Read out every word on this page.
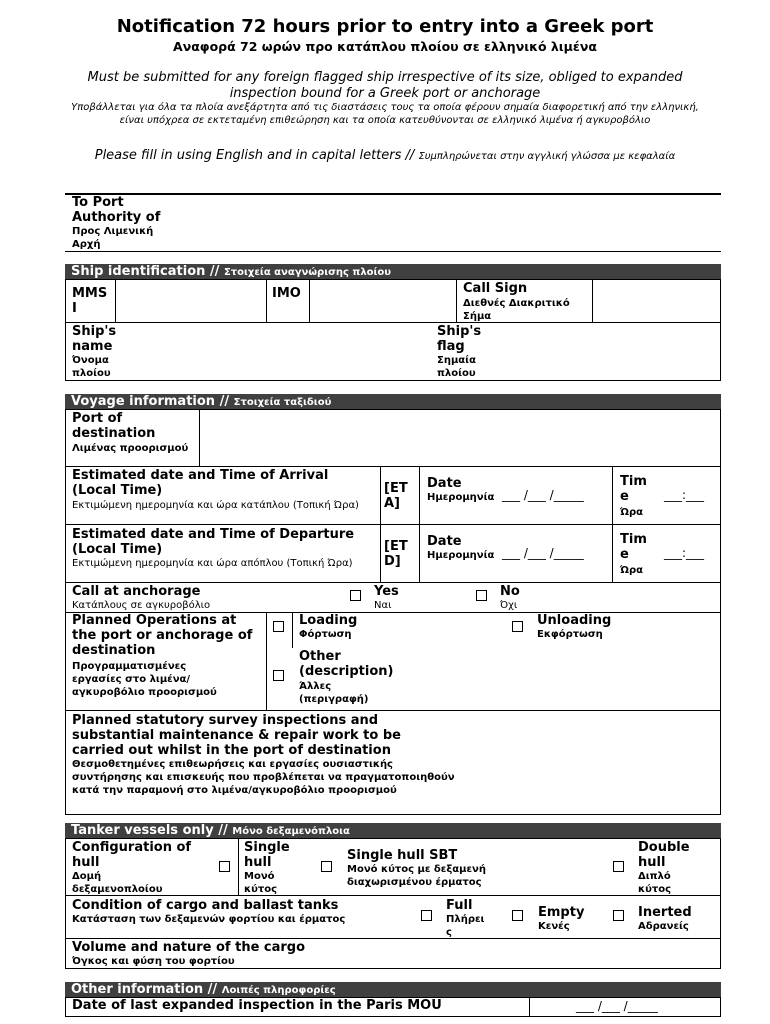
Notification 72 hours prior to entry into a Greek port
Αναφορά 72 ωρών προ κατάπλου πλοίου σε ελληνικό λιμένα
Must be submitted for any foreign flagged ship irrespective of its size, obliged to expanded inspection bound for a Greek port or anchorage
Υποβάλλεται για όλα τα πλοία ανεξάρτητα από τις διαστάσεις τους τα οποία φέρουν σημαία διαφορετική από την ελληνική, είναι υπόχρεα σε εκτεταμένη επιθεώρηση και τα οποία κατευθύνονται σε ελληνικό λιμένα ή αγκυροβόλιο
Please fill in using English and in capital letters // Συμπληρώνεται στην αγγλική γλώσσα με κεφαλαία
To Port Authority of
Προς Λιμενική Αρχή
Ship identification // Στοιχεία αναγνώρισης πλοίου
MMSI
IMO	Call Sign
Διεθνές Διακριτικό Σήμα
Ship's name
Όνομα πλοίου
Ship's flag
Σημαία πλοίου
Voyage information // Στοιχεία ταξιδιού
Port of destination
Λιμένας προορισμού
Estimated date and Time of Arrival (Local Time)
Εκτιμώμενη ημερομηνία και ώρα κατάπλου (Τοπική Ώρα)
[ETA]
Date
Ημερομηνία ___ /___ /_____
Time
Ώρα
___:___
Estimated date and Time of Departure (Local Time)
Εκτιμώμενη ημερομηνία και ώρα απόπλου (Τοπική Ώρα)
[ETD]
Date
Ημερομηνία ___ /___ /_____
Time
Ώρα
___:___
Call at anchorage
Κατάπλους σε αγκυροβόλιο
Yes
Ναι
No
Όχι
Planned Operations at the port or anchorage of destination
Προγραμματισμένες εργασίες στο λιμένα/αγκυροβόλιο προορισμού
Loading
Φόρτωση
Unloading
Εκφόρτωση
Other (description)
Άλλες (περιγραφή)
Planned statutory survey inspections and substantial maintenance & repair work to be carried out whilst in the port of destination
Θεσμοθετημένες επιθεωρήσεις και εργασίες ουσιαστικής συντήρησης και επισκευής που προβλέπεται να πραγματοποιηθούν κατά την παραμονή στο λιμένα/αγκυροβόλιο προορισμού
Tanker vessels only // Μόνο δεξαμενόπλοια
Configuration of hull
Δομή δεξαμενοπλοίου
Single hull
Μονό κύτος
Single hull SBT
Μονό κύτος με δεξαμενή διαχωρισμένου έρματος
Double hull
Διπλό κύτος
Condition of cargo and ballast tanks
Κατάσταση των δεξαμενών φορτίου και έρματος
Full
Πλήρεις
Empty
Κενές
Inerted
Αδρανείς
Volume and nature of the cargo
Όγκος και φύση του φορτίου
Other information // Λοιπές πληροφορίες
Date of last expanded inspection in the Paris MOU	___ /___ /_____
